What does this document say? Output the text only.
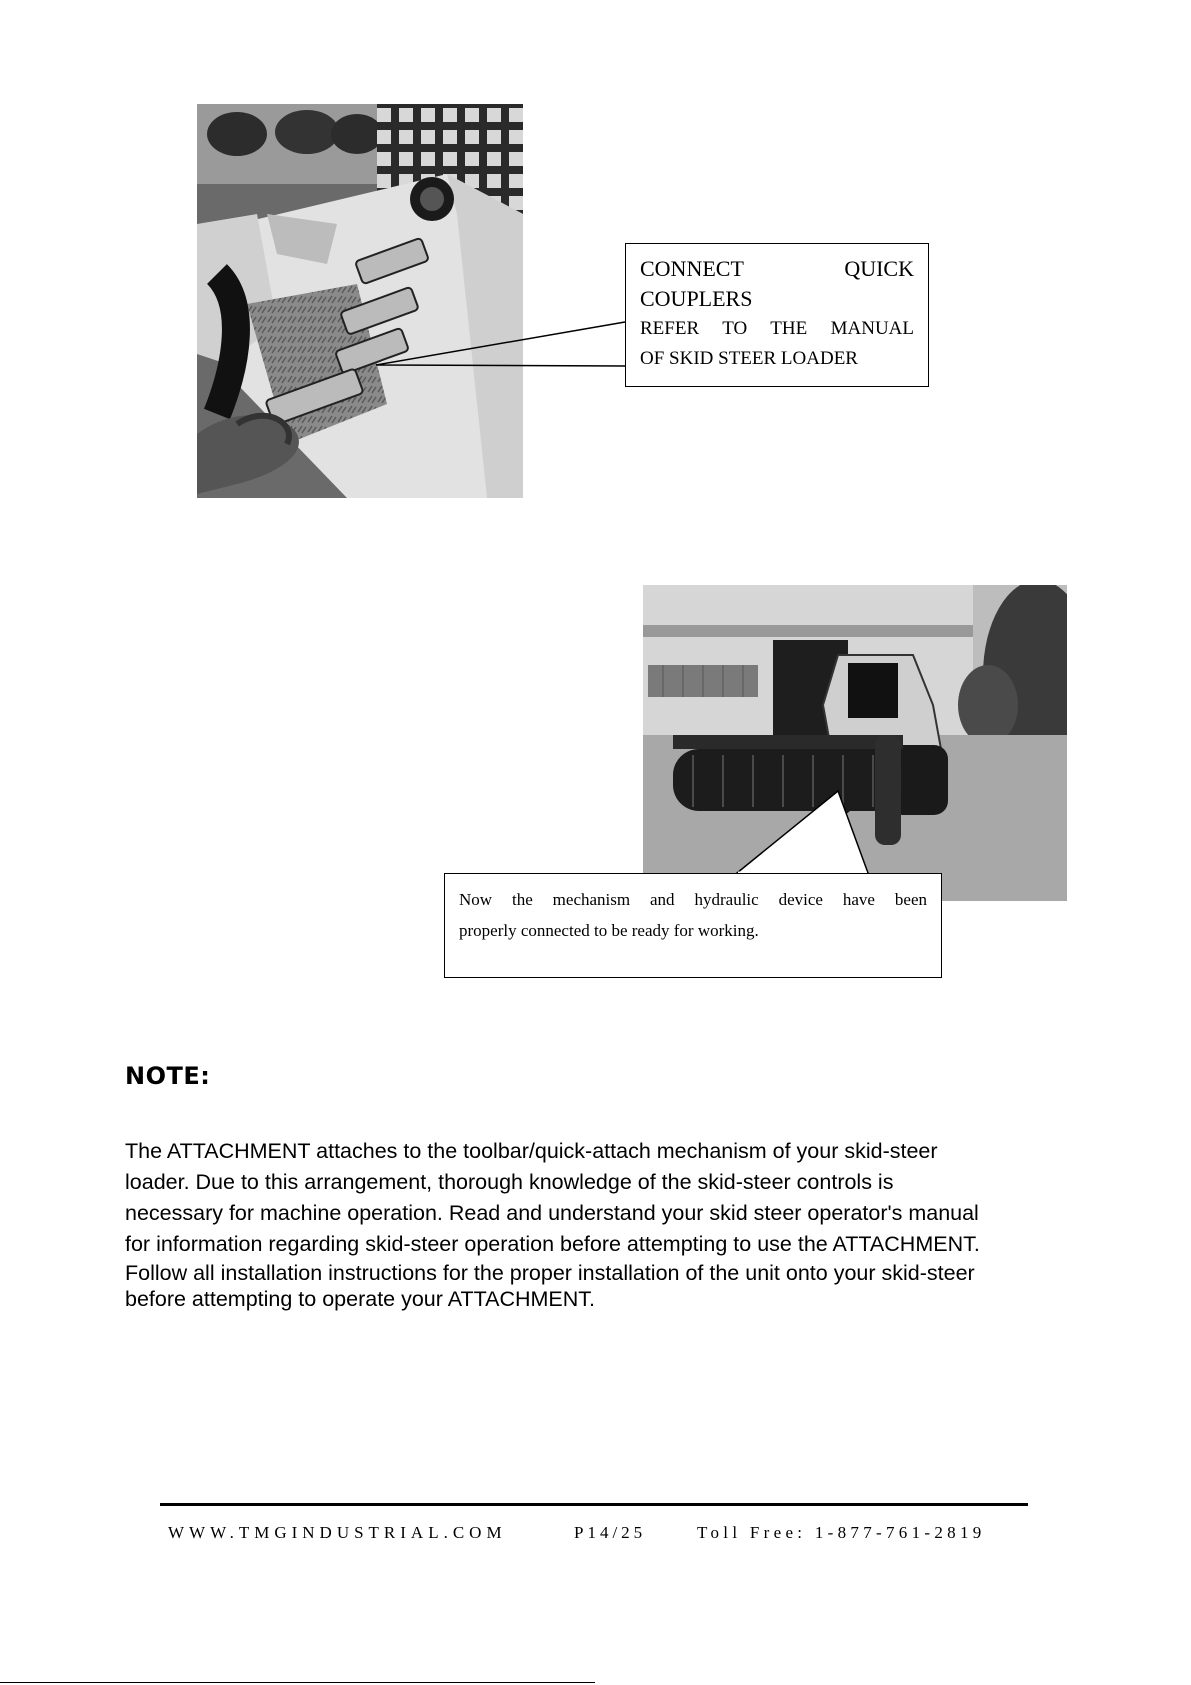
CONNECT	QUICK
COUPLERS
REFER TO THE MANUAL
OF SKID STEER LOADER
Now the mechanism and hydraulic device have been
properly connected to be ready for working.
NOTE:
The ATTACHMENT attaches to the toolbar/quick-attach mechanism of your skid-steer
loader. Due to this arrangement, thorough knowledge of the skid-steer controls is
necessary for machine operation. Read and understand your skid steer operator's manual
for information regarding skid-steer operation before attempting to use the ATTACHMENT.
Follow all installation instructions for the proper installation of the unit onto your skid-steer
before attempting to operate your ATTACHMENT.
WWW.TMGINDUSTRIAL.COM	P14/25	Toll Free: 1-877-761-2819
